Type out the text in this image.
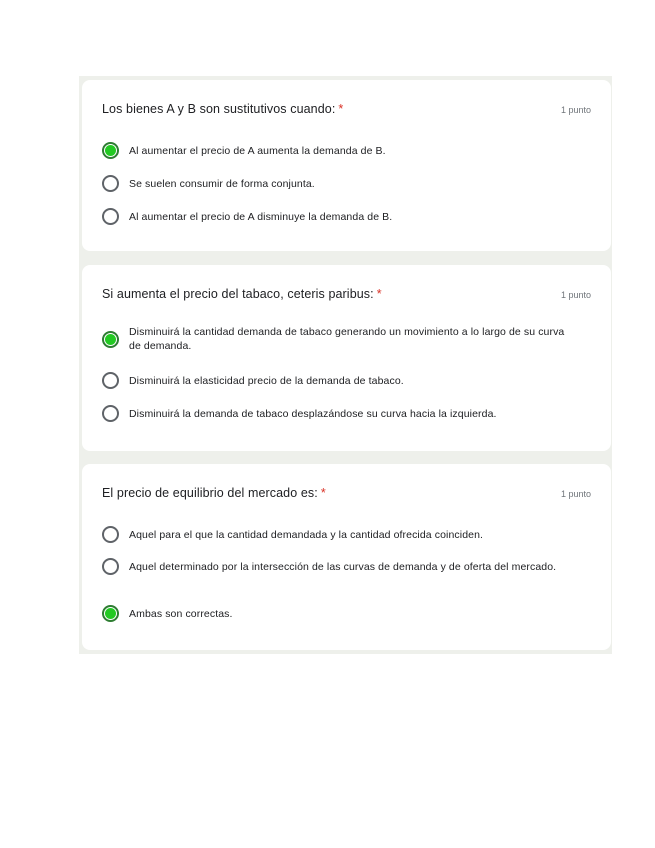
Los bienes A y B son sustitutivos cuando: *	1 punto
Al aumentar el precio de A aumenta la demanda de B.
Se suelen consumir de forma conjunta.
Al aumentar el precio de A disminuye la demanda de B.
Si aumenta el precio del tabaco, ceteris paribus: *	1 punto
Disminuirá la cantidad demanda de tabaco generando un movimiento a lo largo de su curva de demanda.
Disminuirá la elasticidad precio de la demanda de tabaco.
Disminuirá la demanda de tabaco desplazándose su curva hacia la izquierda.
El precio de equilibrio del mercado es: *	1 punto
Aquel para el que la cantidad demandada y la cantidad ofrecida coinciden.
Aquel determinado por la intersección de las curvas de demanda y de oferta del mercado.
Ambas son correctas.
